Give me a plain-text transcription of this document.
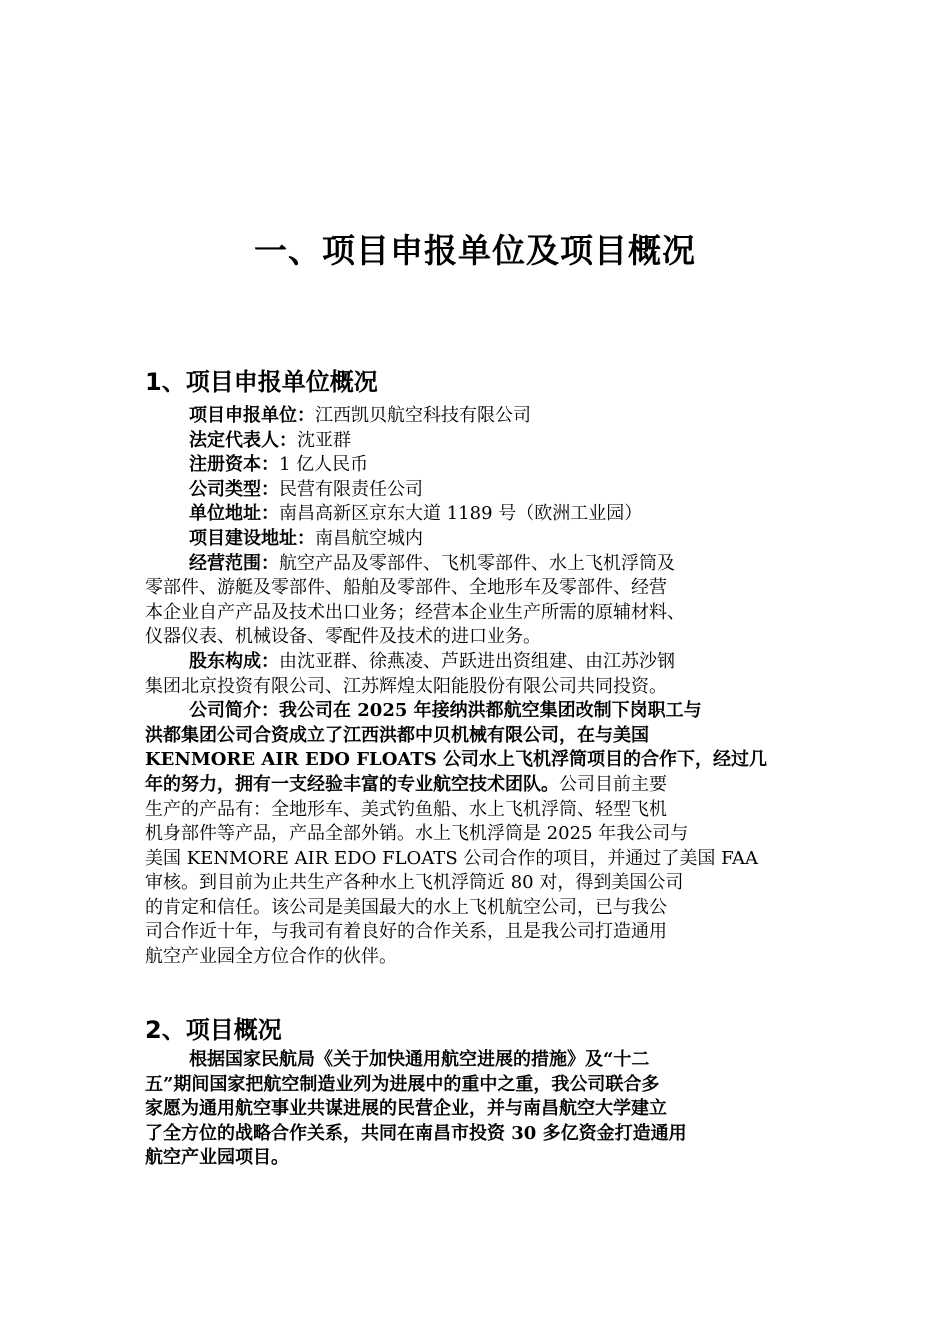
一、项目申报单位及项目概况
1、项目申报单位概况
项目申报单位：江西凯贝航空科技有限公司
法定代表人：沈亚群
注册资本：1 亿人民币
公司类型：民营有限责任公司
单位地址：南昌高新区京东大道 1189 号（欧洲工业园）
项目建设地址：南昌航空城内
经营范围：航空产品及零部件、飞机零部件、水上飞机浮筒及
零部件、游艇及零部件、船舶及零部件、全地形车及零部件、经营
本企业自产产品及技术出口业务；经营本企业生产所需的原辅材料、
仪器仪表、机械设备、零配件及技术的进口业务。
股东构成：由沈亚群、徐燕凌、芦跃进出资组建、由江苏沙钢
集团北京投资有限公司、江苏辉煌太阳能股份有限公司共同投资。
公司简介：我公司在 2025 年接纳洪都航空集团改制下岗职工与
洪都集团公司合资成立了江西洪都中贝机械有限公司，在与美国
KENMORE AIR EDO FLOATS 公司水上飞机浮筒项目的合作下，经过几
年的努力，拥有一支经验丰富的专业航空技术团队。公司目前主要
生产的产品有：全地形车、美式钓鱼船、水上飞机浮筒、轻型飞机
机身部件等产品，产品全部外销。水上飞机浮筒是 2025 年我公司与
美国 KENMORE AIR EDO FLOATS 公司合作的项目，并通过了美国 FAA
审核。到目前为止共生产各种水上飞机浮筒近 80 对，得到美国公司
的肯定和信任。该公司是美国最大的水上飞机航空公司，已与我公
司合作近十年，与我司有着良好的合作关系，且是我公司打造通用
航空产业园全方位合作的伙伴。
2、项目概况
根据国家民航局《关于加快通用航空进展的措施》及“十二
五”期间国家把航空制造业列为进展中的重中之重，我公司联合多
家愿为通用航空事业共谋进展的民营企业，并与南昌航空大学建立
了全方位的战略合作关系，共同在南昌市投资 30 多亿资金打造通用
航空产业园项目。
